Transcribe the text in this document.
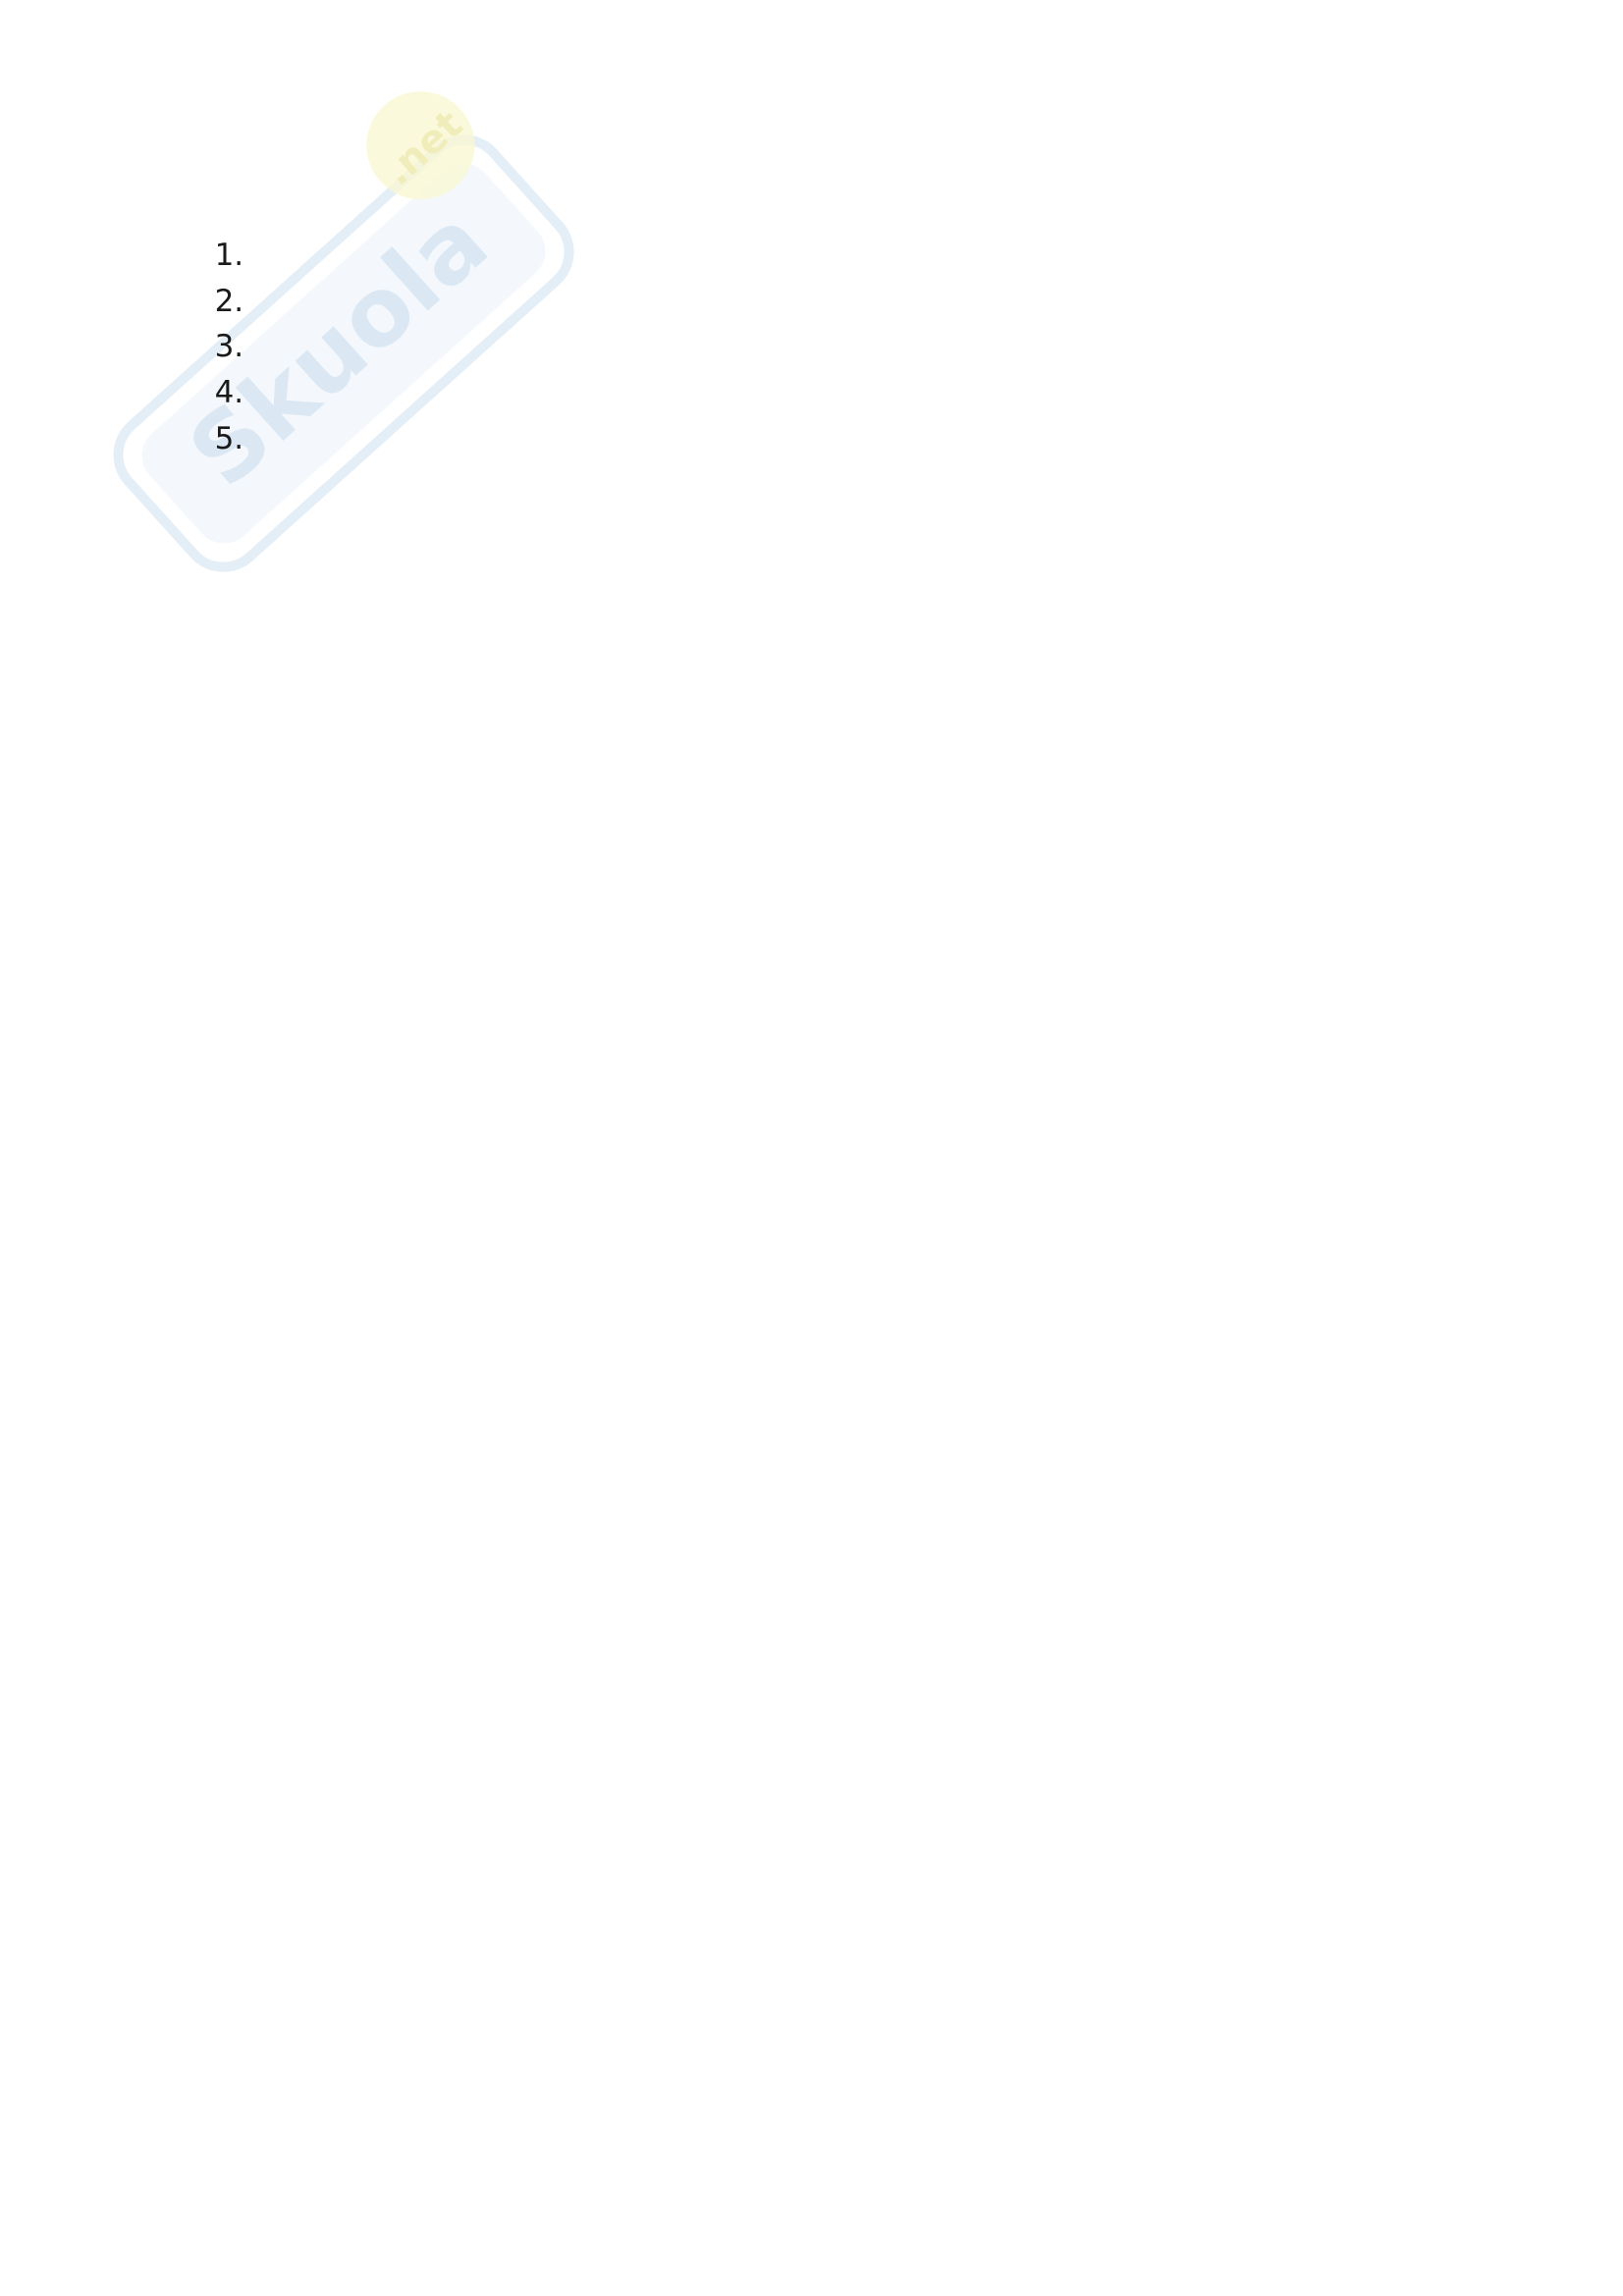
Skuola
.net

1.
2.
3.
4.
5.
